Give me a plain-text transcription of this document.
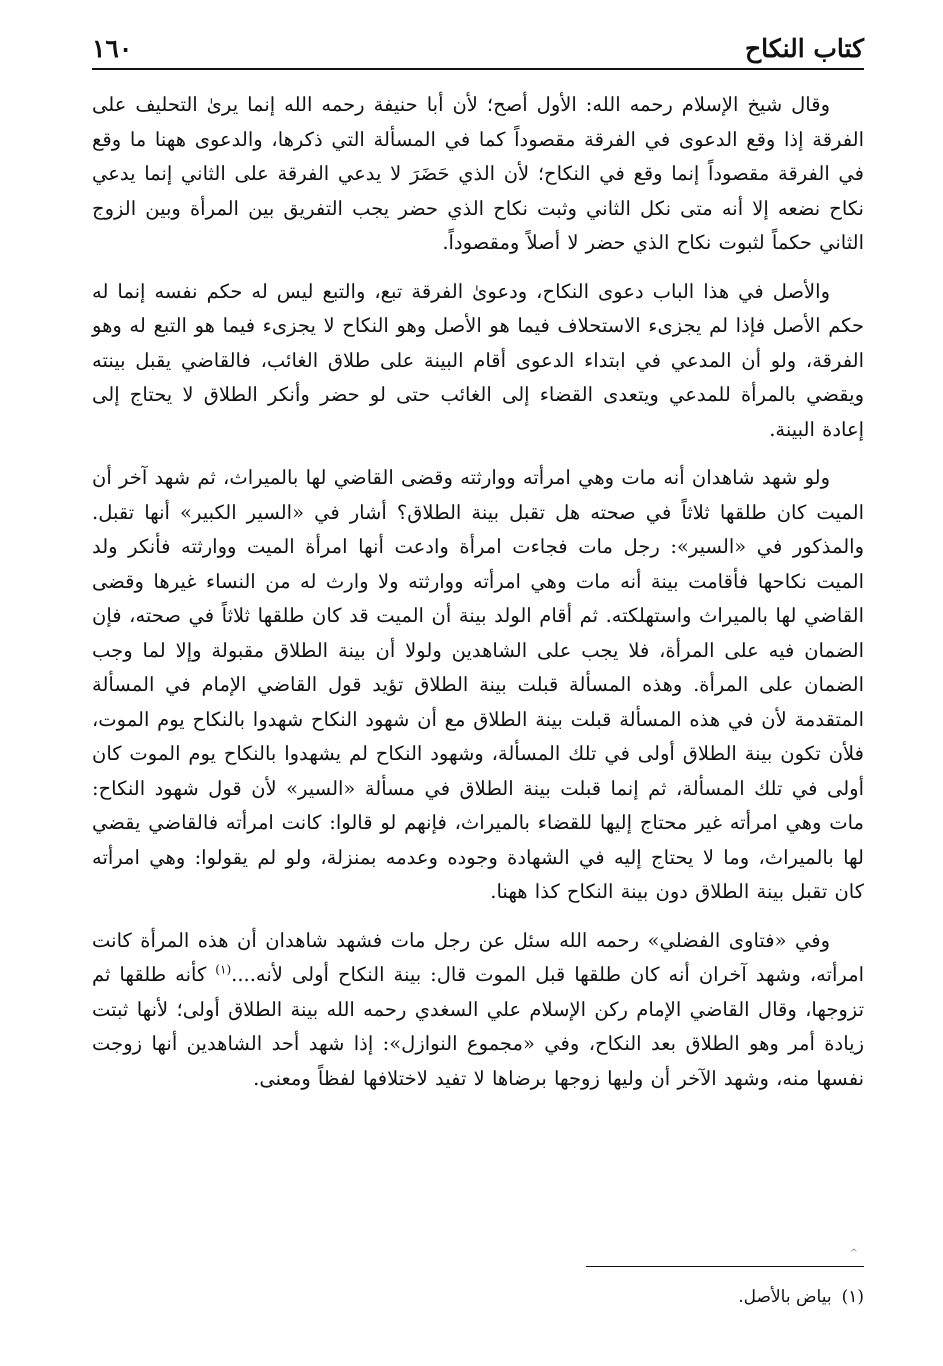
كتاب النكاح
١٦٠

وقال شيخ الإسلام رحمه الله: الأول أصح؛ لأن أبا حنيفة رحمه الله إنما يرىٰ التحليف على الفرقة إذا وقع الدعوى في الفرقة مقصوداً كما في المسألة التي ذكرها، والدعوى ههنا ما وقع في الفرقة مقصوداً إنما وقع في النكاح؛ لأن الذي حَضَرَ لا يدعي الفرقة على الثاني إنما يدعي نكاح نضعه إلا أنه متى نكل الثاني وثبت نكاح الذي حضر يجب التفريق بين المرأة وبين الزوج الثاني حكماً لثبوت نكاح الذي حضر لا أصلاً ومقصوداً.

والأصل في هذا الباب دعوى النكاح، ودعوىٰ الفرقة تبع، والتبع ليس له حكم نفسه إنما له حكم الأصل فإذا لم يجزىء الاستحلاف فيما هو الأصل وهو النكاح لا يجزىء فيما هو التبع له وهو الفرقة، ولو أن المدعي في ابتداء الدعوى أقام البينة على طلاق الغائب، فالقاضي يقبل بينته ويقضي بالمرأة للمدعي ويتعدى القضاء إلى الغائب حتى لو حضر وأنكر الطلاق لا يحتاج إلى إعادة البينة.

ولو شهد شاهدان أنه مات وهي امرأته ووارثته وقضى القاضي لها بالميراث، ثم شهد آخر أن الميت كان طلقها ثلاثاً في صحته هل تقبل بينة الطلاق؟ أشار في «السير الكبير» أنها تقبل. والمذكور في «السير»: رجل مات فجاءت امرأة وادعت أنها امرأة الميت ووارثته فأنكر ولد الميت نكاحها فأقامت بينة أنه مات وهي امرأته ووارثته ولا وارث له من النساء غيرها وقضى القاضي لها بالميراث واستهلكته. ثم أقام الولد بينة أن الميت قد كان طلقها ثلاثاً في صحته، فإن الضمان فيه على المرأة، فلا يجب على الشاهدين ولولا أن بينة الطلاق مقبولة وإلا لما وجب الضمان على المرأة. وهذه المسألة قبلت بينة الطلاق تؤيد قول القاضي الإمام في المسألة المتقدمة لأن في هذه المسألة قبلت بينة الطلاق مع أن شهود النكاح شهدوا بالنكاح يوم الموت، فلأن تكون بينة الطلاق أولى في تلك المسألة، وشهود النكاح لم يشهدوا بالنكاح يوم الموت كان أولى في تلك المسألة، ثم إنما قبلت بينة الطلاق في مسألة «السير» لأن قول شهود النكاح: مات وهي امرأته غير محتاج إليها للقضاء بالميراث، فإنهم لو قالوا: كانت امرأته فالقاضي يقضي لها بالميراث، وما لا يحتاج إليه في الشهادة وجوده وعدمه بمنزلة، ولو لم يقولوا: وهي امرأته كان تقبل بينة الطلاق دون بينة النكاح كذا ههنا.

وفي «فتاوى الفضلي» رحمه الله سئل عن رجل مات فشهد شاهدان أن هذه المرأة كانت امرأته، وشهد آخران أنه كان طلقها قبل الموت قال: بينة النكاح أولى لأنه....$^{(١)}$ كأنه طلقها ثم تزوجها، وقال القاضي الإمام ركن الإسلام علي السغدي رحمه الله بينة الطلاق أولى؛ لأنها ثبتت زيادة أمر وهو الطلاق بعد النكاح، وفي «مجموع النوازل»: إذا شهد أحد الشاهدين أنها زوجت نفسها منه، وشهد الآخر أن وليها زوجها برضاها لا تفيد لاختلافها لفظاً ومعنى.

^
(١)بياض بالأصل.
